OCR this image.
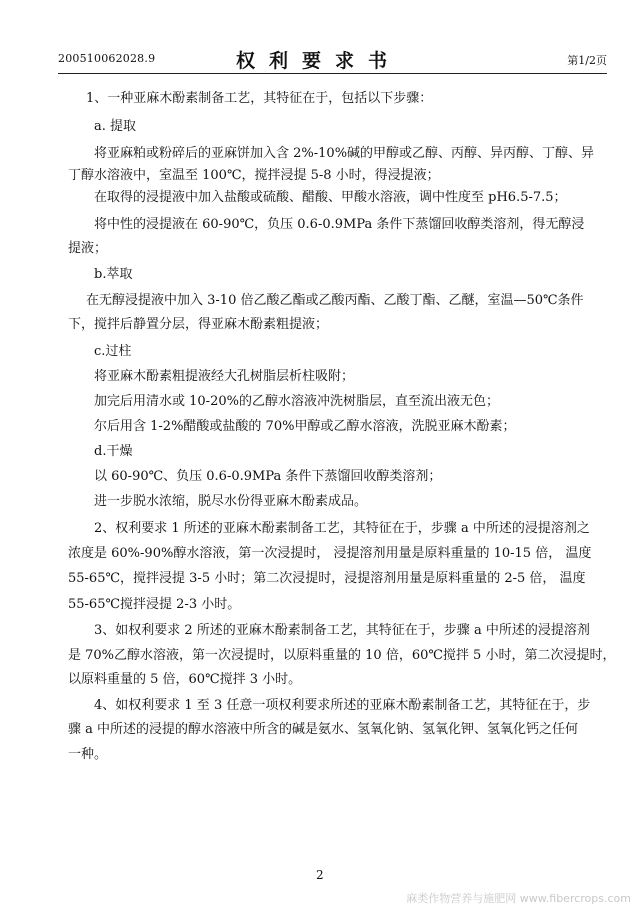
200510062028.9	权利要求书	第1/2页
1、一种亚麻木酚素制备工艺，其特征在于，包括以下步骤：
a. 提取
将亚麻粕或粉碎后的亚麻饼加入含 2%-10%碱的甲醇或乙醇、丙醇、异丙醇、丁醇、异
丁醇水溶液中，室温至 100℃，搅拌浸提 5-8 小时，得浸提液；
在取得的浸提液中加入盐酸或硫酸、醋酸、甲酸水溶液，调中性度至 pH6.5-7.5；
将中性的浸提液在 60-90℃，负压 0.6-0.9MPa 条件下蒸馏回收醇类溶剂，得无醇浸
提液；
b.萃取
在无醇浸提液中加入 3-10 倍乙酸乙酯或乙酸丙酯、乙酸丁酯、乙醚，室温—50℃条件
下，搅拌后静置分层，得亚麻木酚素粗提液；
c.过柱
将亚麻木酚素粗提液经大孔树脂层析柱吸附；
加完后用清水或 10-20%的乙醇水溶液冲洗树脂层，直至流出液无色；
尔后用含 1-2%醋酸或盐酸的 70%甲醇或乙醇水溶液，洗脱亚麻木酚素；
d.干燥
以 60-90℃、负压 0.6-0.9MPa 条件下蒸馏回收醇类溶剂；
进一步脱水浓缩，脱尽水份得亚麻木酚素成品。
2、权利要求 1 所述的亚麻木酚素制备工艺，其特征在于，步骤 a 中所述的浸提溶剂之
浓度是 60%-90%醇水溶液，第一次浸提时， 浸提溶剂用量是原料重量的 10-15 倍， 温度
55-65℃，搅拌浸提 3-5 小时；第二次浸提时，浸提溶剂用量是原料重量的 2-5 倍， 温度
55-65℃搅拌浸提 2-3 小时。
3、如权利要求 2 所述的亚麻木酚素制备工艺，其特征在于，步骤 a 中所述的浸提溶剂
是 70%乙醇水溶液，第一次浸提时，以原料重量的 10 倍，60℃搅拌 5 小时，第二次浸提时，
以原料重量的 5 倍，60℃搅拌 3 小时。
4、如权利要求 1 至 3 任意一项权利要求所述的亚麻木酚素制备工艺，其特征在于，步
骤 a 中所述的浸提的醇水溶液中所含的碱是氨水、氢氧化钠、氢氧化钾、氢氧化钙之任何
一种。
2
麻类作物营养与施肥网 www.fibercrops.com
